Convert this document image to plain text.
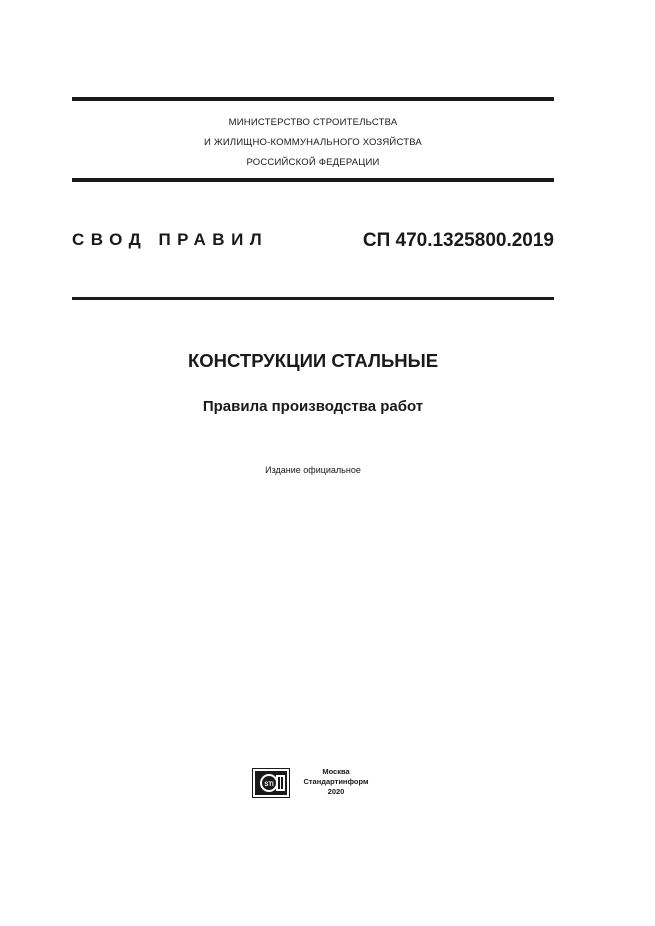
МИНИСТЕРСТВО СТРОИТЕЛЬСТВА
И ЖИЛИЩНО-КОММУНАЛЬНОГО ХОЗЯЙСТВА
РОССИЙСКОЙ ФЕДЕРАЦИИ
СВОД ПРАВИЛ	СП 470.1325800.2019
КОНСТРУКЦИИ СТАЛЬНЫЕ
Правила производства работ
Издание официальное
STI
Москва
Стандартинформ
2020
